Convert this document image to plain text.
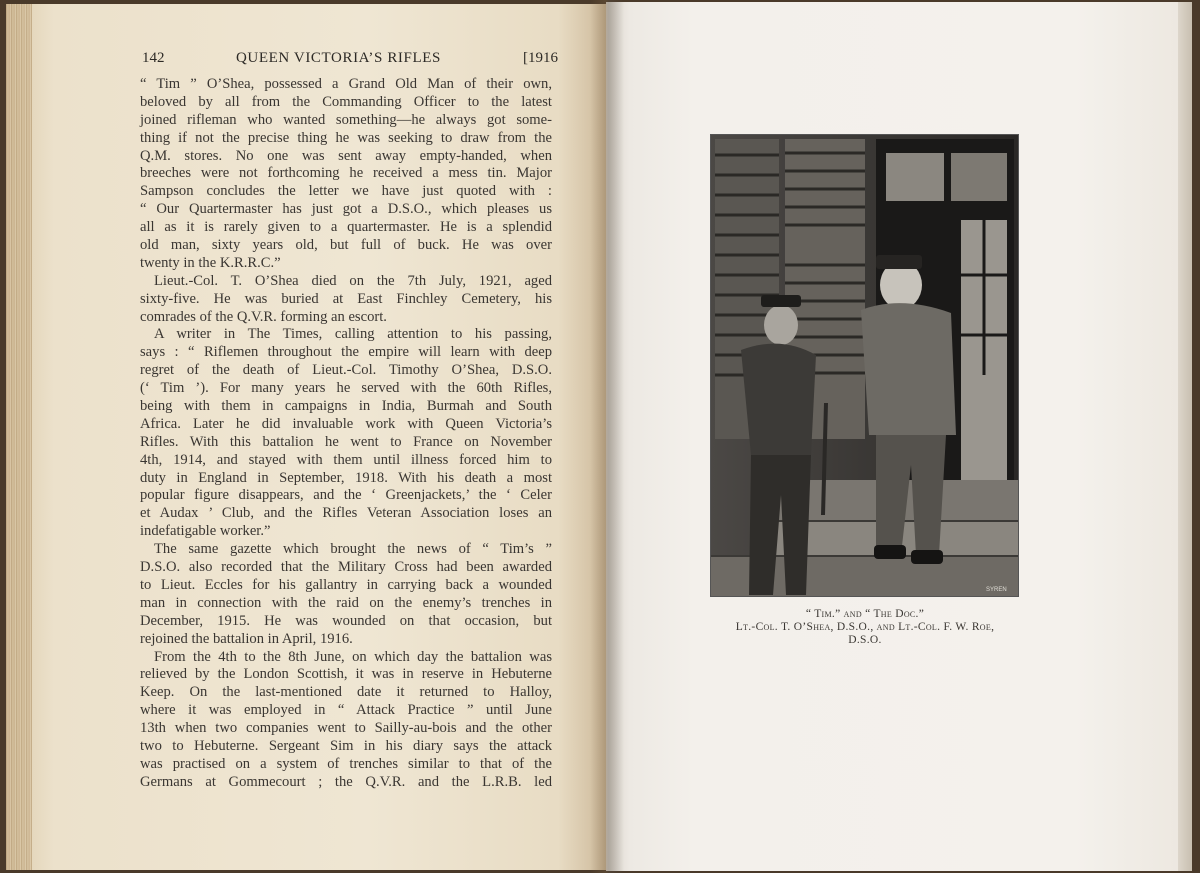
142	QUEEN VICTORIA’S RIFLES	[1916
“ Tim ” O’Shea, possessed a Grand Old Man of their own,
beloved by all from the Commanding Officer to the latest
joined rifleman who wanted something—he always got some-
thing if not the precise thing he was seeking to draw from the
Q.M. stores. No one was sent away empty-handed, when
breeches were not forthcoming he received a mess tin. Major
Sampson concludes the letter we have just quoted with :
“ Our Quartermaster has just got a D.S.O., which pleases us
all as it is rarely given to a quartermaster. He is a splendid
old man, sixty years old, but full of buck. He was over
twenty in the K.R.R.C.”
Lieut.-Col. T. O’Shea died on the 7th July, 1921, aged
sixty-five. He was buried at East Finchley Cemetery, his
comrades of the Q.V.R. forming an escort.
A writer in The Times, calling attention to his passing,
says : “ Riflemen throughout the empire will learn with deep
regret of the death of Lieut.-Col. Timothy O’Shea, D.S.O.
(‘ Tim ’). For many years he served with the 60th Rifles,
being with them in campaigns in India, Burmah and South
Africa. Later he did invaluable work with Queen Victoria’s
Rifles. With this battalion he went to France on November
4th, 1914, and stayed with them until illness forced him to
duty in England in September, 1918. With his death a most
popular figure disappears, and the ‘ Greenjackets,’ the ‘ Celer
et Audax ’ Club, and the Rifles Veteran Association loses an
indefatigable worker.”
The same gazette which brought the news of “ Tim’s ”
D.S.O. also recorded that the Military Cross had been awarded
to Lieut. Eccles for his gallantry in carrying back a wounded
man in connection with the raid on the enemy’s trenches in
December, 1915. He was wounded on that occasion, but
rejoined the battalion in April, 1916.
From the 4th to the 8th June, on which day the battalion was
relieved by the London Scottish, it was in reserve in Hebuterne
Keep. On the last-mentioned date it returned to Halloy,
where it was employed in “ Attack Practice ” until June
13th when two companies went to Sailly-au-bois and the other
two to Hebuterne. Sergeant Sim in his diary says the attack
was practised on a system of trenches similar to that of the
Germans at Gommecourt ; the Q.V.R. and the L.R.B. led
SYREN
“ Tim.” and “ The Doc.”
Lt.-Col. T. O’Shea, D.S.O., and Lt.-Col. F. W. Roe,
D.S.O.
